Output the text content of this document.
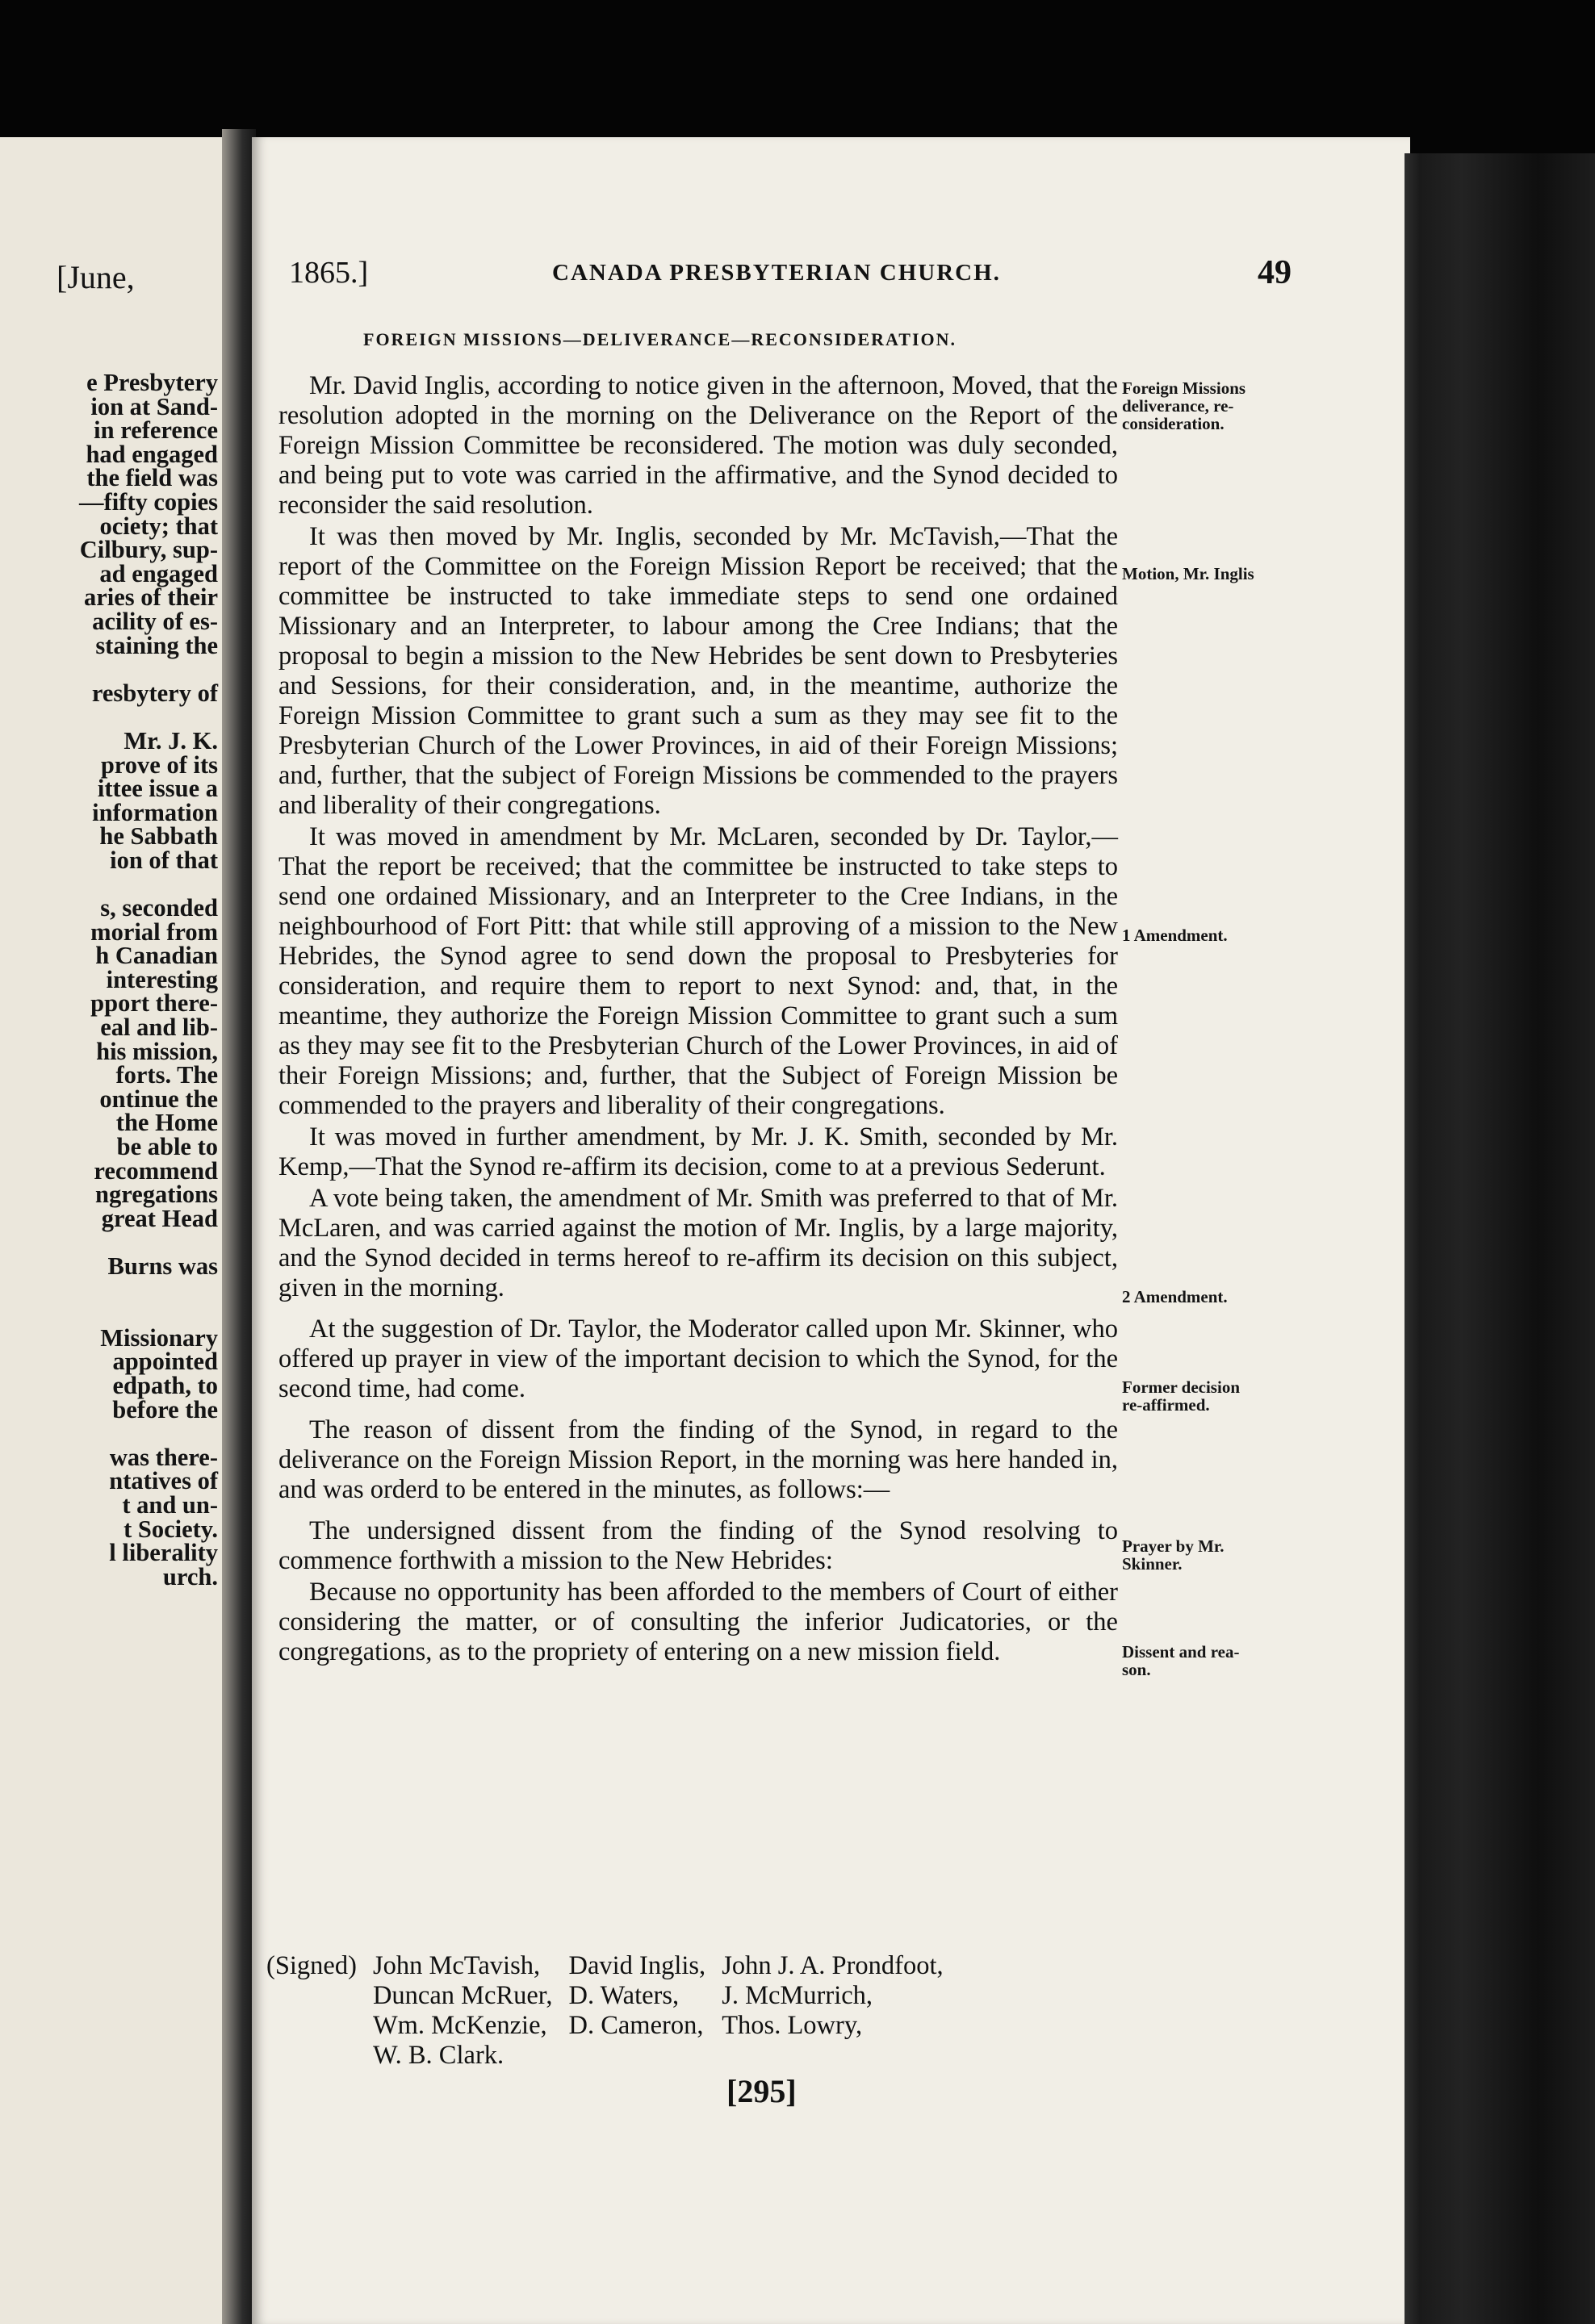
[June,
e Presbytery
ion at Sand-
in reference
had engaged
the field was
—fifty copies
ociety; that
Cilbury, sup-
ad engaged
aries of their
acility of es-
staining the

resbytery of

Mr. J. K.
prove of its
ittee issue a
information
he Sabbath
ion of that

s, seconded
morial from
h Canadian
interesting
pport there-
eal and lib-
his mission,
forts. The
ontinue the
the Home
be able to
recommend
ngregations
great Head

Burns was

Missionary
appointed
edpath, to
before the

was there-
ntatives of
t and un-
t Society.
l liberality
urch.
1865.]	CANADA PRESBYTERIAN CHURCH.	49
FOREIGN MISSIONS—DELIVERANCE—RECONSIDERATION.

Mr. David Inglis, according to notice given in the afternoon, Moved, that the resolution adopted in the morning on the Deliverance on the Report of the Foreign Mission Committee be reconsidered. The motion was duly seconded, and being put to vote was carried in the affirmative, and the Synod decided to reconsider the said resolution.

It was then moved by Mr. Inglis, seconded by Mr. McTavish,—That the report of the Committee on the Foreign Mission Report be received; that the committee be instructed to take immediate steps to send one ordained Missionary and an Interpreter, to labour among the Cree Indians; that the proposal to begin a mission to the New Hebrides be sent down to Presbyteries and Sessions, for their consideration, and, in the meantime, authorize the Foreign Mission Committee to grant such a sum as they may see fit to the Presbyterian Church of the Lower Provinces, in aid of their Foreign Missions; and, further, that the subject of Foreign Missions be commended to the prayers and liberality of their congregations.

It was moved in amendment by Mr. McLaren, seconded by Dr. Taylor,—That the report be received; that the committee be instructed to take steps to send one ordained Missionary, and an Interpreter to the Cree Indians, in the neighbourhood of Fort Pitt: that while still approving of a mission to the New Hebrides, the Synod agree to send down the proposal to Presbyteries for consideration, and require them to report to next Synod: and, that, in the meantime, they authorize the Foreign Mission Committee to grant such a sum as they may see fit to the Presbyterian Church of the Lower Provinces, in aid of their Foreign Missions; and, further, that the Subject of Foreign Mission be commended to the prayers and liberality of their congregations.

It was moved in further amendment, by Mr. J. K. Smith, seconded by Mr. Kemp,—That the Synod re-affirm its decision, come to at a previous Sederunt.

A vote being taken, the amendment of Mr. Smith was preferred to that of Mr. McLaren, and was carried against the motion of Mr. Inglis, by a large majority, and the Synod decided in terms hereof to re-affirm its decision on this subject, given in the morning.

At the suggestion of Dr. Taylor, the Moderator called upon Mr. Skinner, who offered up prayer in view of the important decision to which the Synod, for the second time, had come.

The reason of dissent from the finding of the Synod, in regard to the deliverance on the Foreign Mission Report, in the morning was here handed in, and was orderd to be entered in the minutes, as follows:—

The undersigned dissent from the finding of the Synod resolving to commence forthwith a mission to the New Hebrides:

Because no opportunity has been afforded to the members of Court of either considering the matter, or of consulting the inferior Judicatories, or the congregations, as to the propriety of entering on a new mission field.

(Signed)	John McTavish,	David Inglis,	John J. A. Prondfoot,
	Duncan McRuer,	D. Waters,	J. McMurrich,
	Wm. McKenzie,	D. Cameron,	Thos. Lowry,
	W. B. Clark.		
[295]
Foreign Missions
deliverance, re-
consideration.
Motion, Mr. Inglis
1 Amendment.
2 Amendment.
Former decision
re-affirmed.
Prayer by Mr.
Skinner.
Dissent and rea-
son.
